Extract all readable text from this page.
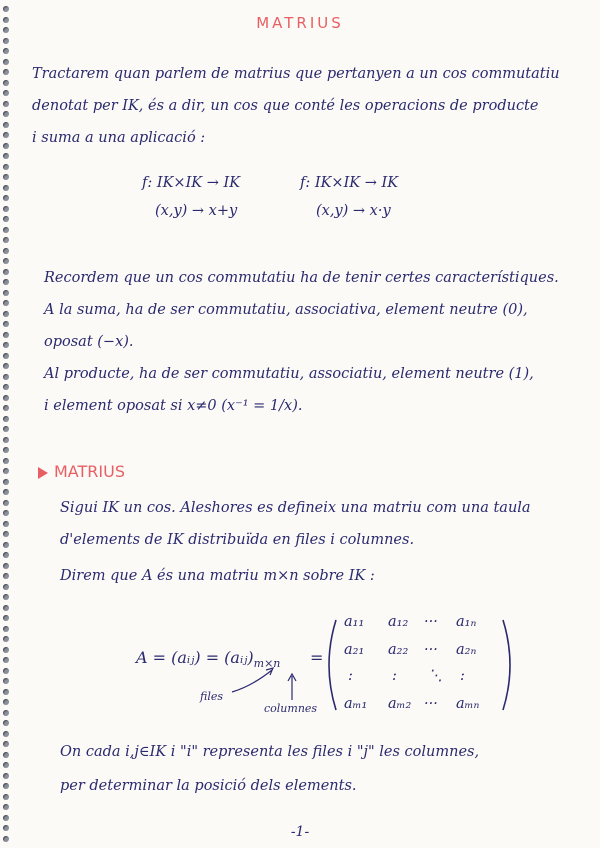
MATRIUS
Tractarem quan parlem de matrius que pertanyen a un cos commutatiu
denotat per IK, és a dir, un cos que conté les operacions de producte
i suma a una aplicació :
f: IK×IK → IK
(x,y) → x+y
f: IK×IK → IK
(x,y) → x·y
Recordem que un cos commutatiu ha de tenir certes característiques.
A la suma, ha de ser commutatiu, associativa, element neutre (0),
oposat (−x).
Al producte, ha de ser commutatiu, associatiu, element neutre (1),
i element oposat si x≠0 (x⁻¹ = 1/x).
MATRIUS
Sigui IK un cos. Aleshores es defineix una matriu com una taula
d'elements de IK distribuïda en files i columnes.
Direm que A és una matriu m×n sobre IK :
A = (aᵢⱼ) = $(aᵢⱼ)_{m\times n}$ =
a₁₁ a₁₂ ··· a₁ₙ
a₂₁ a₂₂ ··· a₂ₙ
:	: ⋱ :
aₘ₁ aₘ₂ ··· aₘₙ
files
columnes
On cada i,j∈IK i "i" representa les files i "j" les columnes,
per determinar la posició dels elements.
-1-
